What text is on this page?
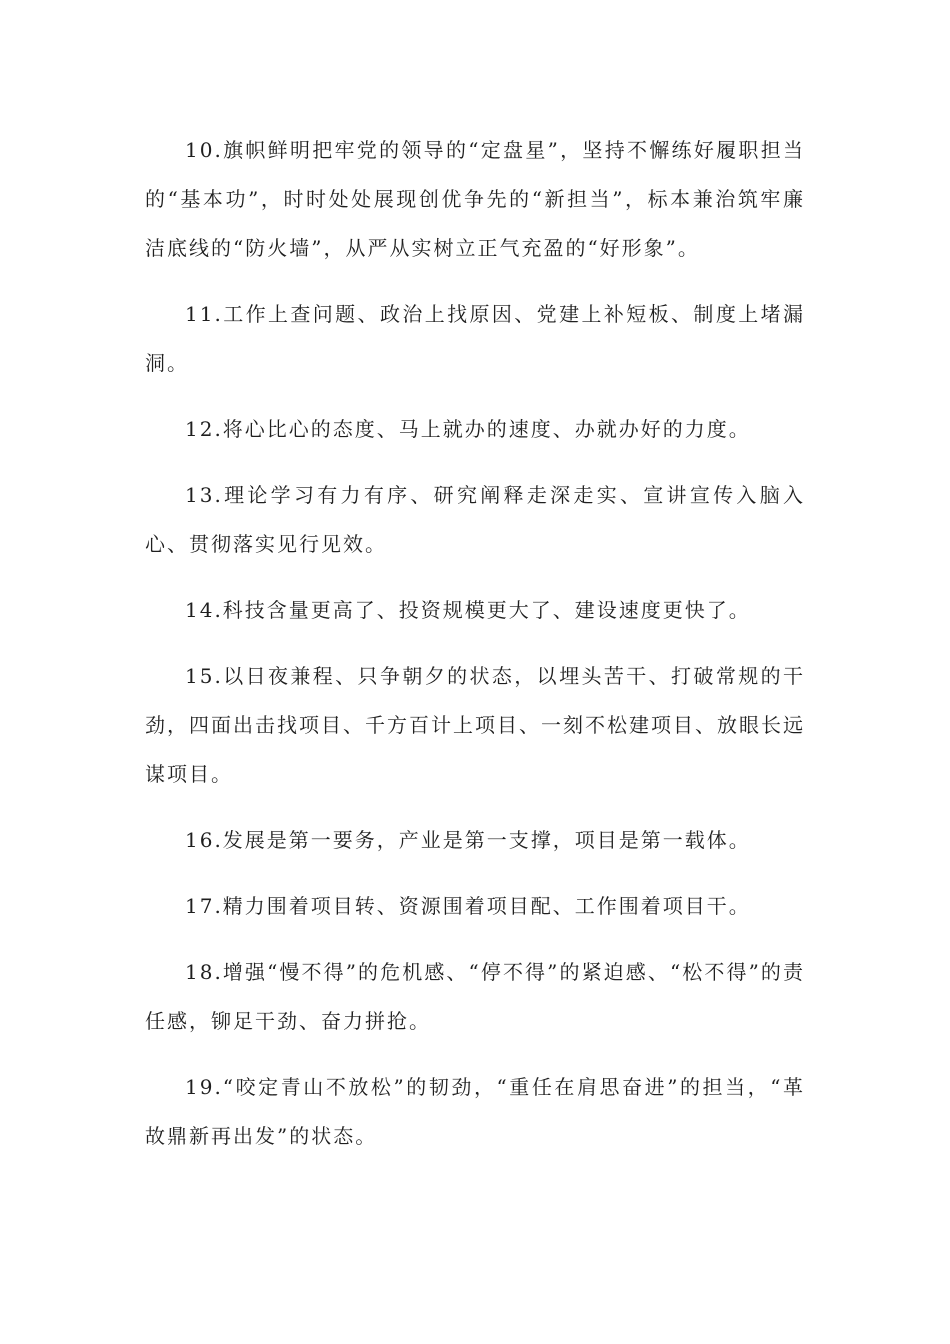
10.旗帜鲜明把牢党的领导的“定盘星”，坚持不懈练好履职担当的“基本功”，时时处处展现创优争先的“新担当”，标本兼治筑牢廉洁底线的“防火墙”，从严从实树立正气充盈的“好形象”。

11.工作上查问题、政治上找原因、党建上补短板、制度上堵漏洞。

12.将心比心的态度、马上就办的速度、办就办好的力度。

13.理论学习有力有序、研究阐释走深走实、宣讲宣传入脑入心、贯彻落实见行见效。

14.科技含量更高了、投资规模更大了、建设速度更快了。

15.以日夜兼程、只争朝夕的状态，以埋头苦干、打破常规的干劲，四面出击找项目、千方百计上项目、一刻不松建项目、放眼长远谋项目。

16.发展是第一要务，产业是第一支撑，项目是第一载体。

17.精力围着项目转、资源围着项目配、工作围着项目干。

18.增强“慢不得”的危机感、“停不得”的紧迫感、“松不得”的责任感，铆足干劲、奋力拼抢。

19.“咬定青山不放松”的韧劲，“重任在肩思奋进”的担当，“革故鼎新再出发”的状态。
